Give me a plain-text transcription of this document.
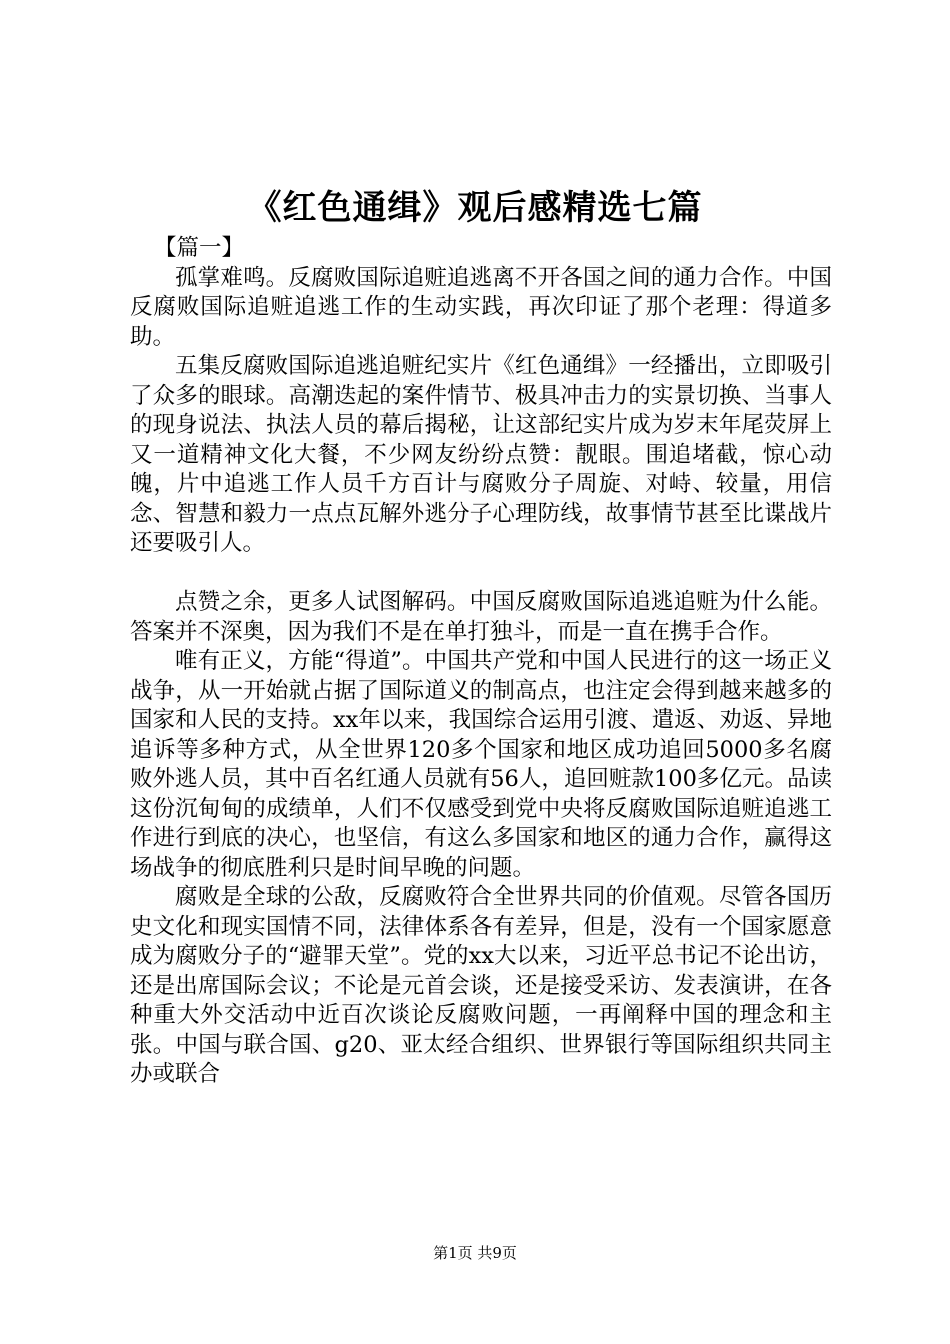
《红色通缉》观后感精选七篇

【篇一】

孤掌难鸣。反腐败国际追赃追逃离不开各国之间的通力合作。中国反腐败国际追赃追逃工作的生动实践，再次印证了那个老理：得道多助。

五集反腐败国际追逃追赃纪实片《红色通缉》一经播出，立即吸引了众多的眼球。高潮迭起的案件情节、极具冲击力的实景切换、当事人的现身说法、执法人员的幕后揭秘，让这部纪实片成为岁末年尾荧屏上又一道精神文化大餐，不少网友纷纷点赞：靓眼。围追堵截，惊心动魄，片中追逃工作人员千方百计与腐败分子周旋、对峙、较量，用信念、智慧和毅力一点点瓦解外逃分子心理防线，故事情节甚至比谍战片还要吸引人。

点赞之余，更多人试图解码。中国反腐败国际追逃追赃为什么能。答案并不深奥，因为我们不是在单打独斗，而是一直在携手合作。

唯有正义，方能“得道”。中国共产党和中国人民进行的这一场正义战争，从一开始就占据了国际道义的制高点，也注定会得到越来越多的国家和人民的支持。xx年以来，我国综合运用引渡、遣返、劝返、异地追诉等多种方式，从全世界120多个国家和地区成功追回5000多名腐败外逃人员，其中百名红通人员就有56人，追回赃款100多亿元。品读这份沉甸甸的成绩单，人们不仅感受到党中央将反腐败国际追赃追逃工作进行到底的决心，也坚信，有这么多国家和地区的通力合作，赢得这场战争的彻底胜利只是时间早晚的问题。

腐败是全球的公敌，反腐败符合全世界共同的价值观。尽管各国历史文化和现实国情不同，法律体系各有差异，但是，没有一个国家愿意成为腐败分子的“避罪天堂”。党的xx大以来，习近平总书记不论出访，还是出席国际会议；不论是元首会谈，还是接受采访、发表演讲，在各种重大外交活动中近百次谈论反腐败问题，一再阐释中国的理念和主张。中国与联合国、g20、亚太经合组织、世界银行等国际组织共同主办或联合

第1页 共9页
